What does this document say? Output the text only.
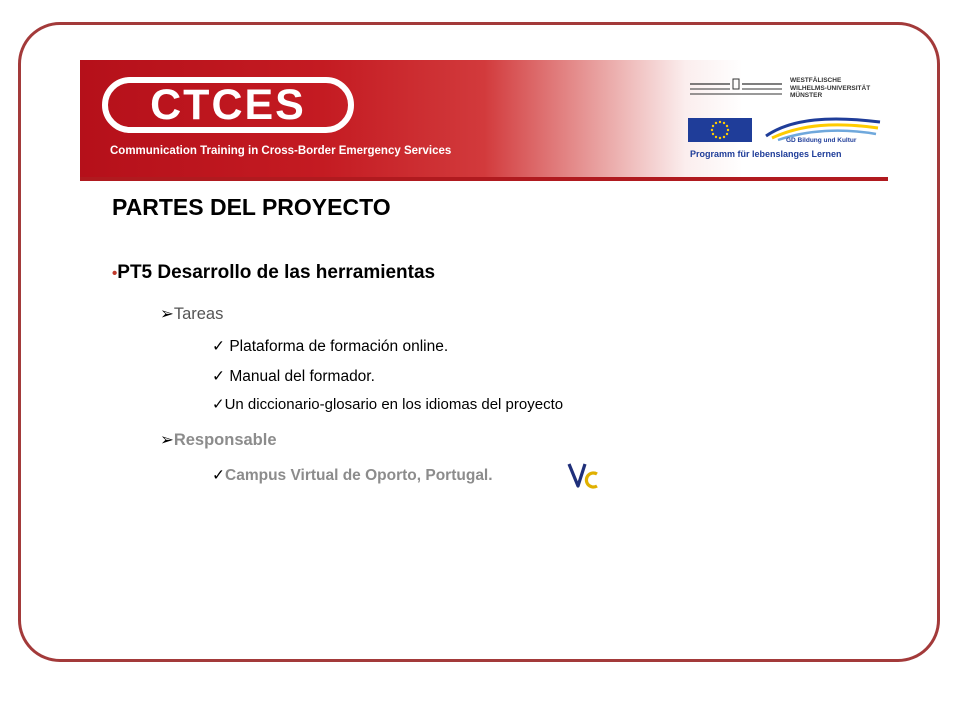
CTCES
Communication Training in Cross-Border Emergency Services
WESTFÄLISCHE
WILHELMS-UNIVERSITÄT
MÜNSTER
GD Bildung und Kultur
Programm für lebenslanges Lernen
PARTES DEL PROYECTO
•PT5 Desarrollo de las herramientas
➢Tareas
✓ Plataforma de formación online.
✓ Manual del formador.
✓Un diccionario-glosario en los idiomas del proyecto
➢Responsable
✓Campus Virtual de Oporto, Portugal.
